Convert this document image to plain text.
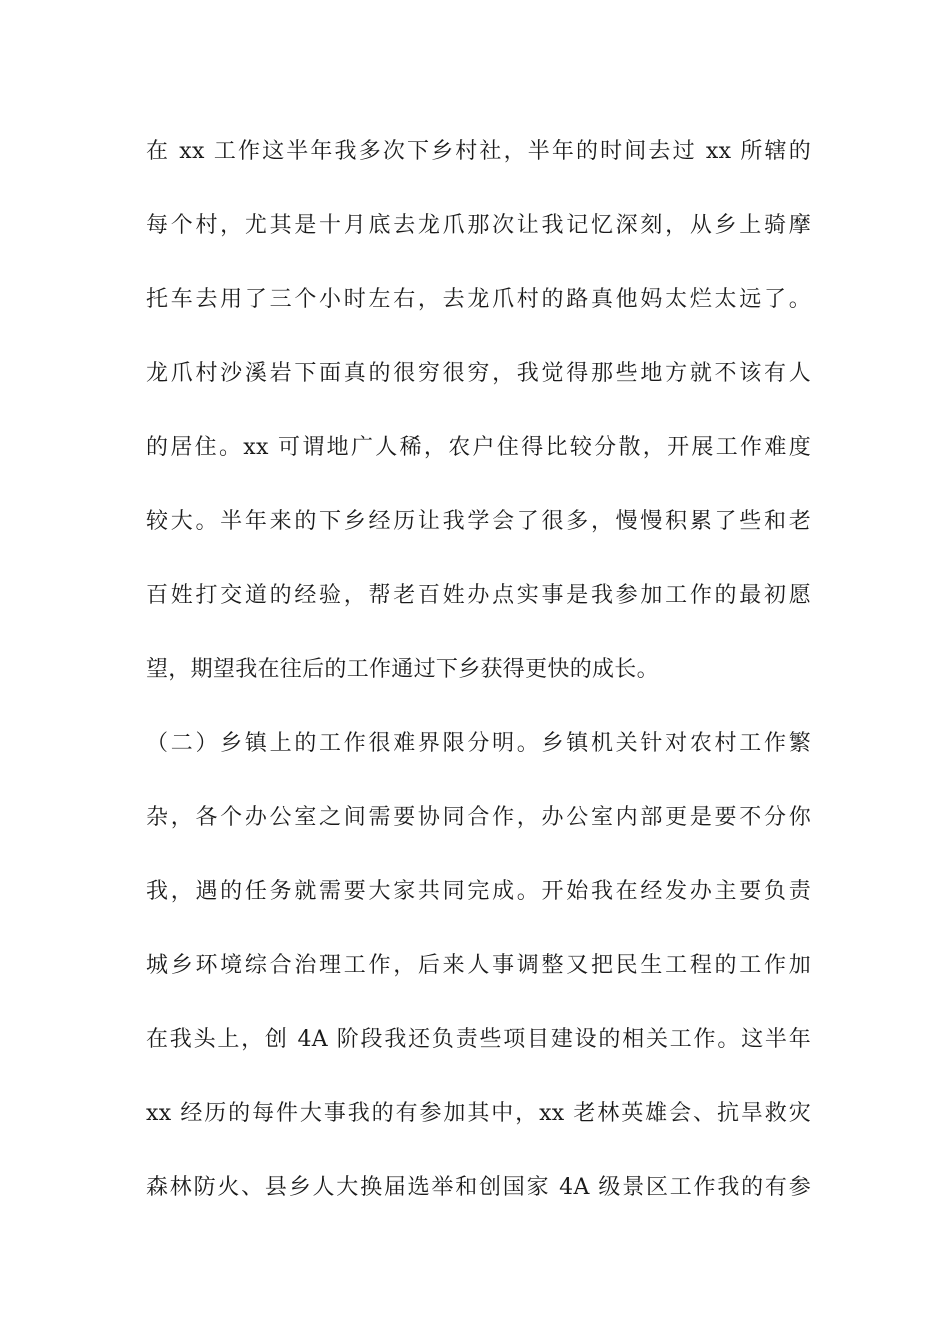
在 xx 工作这半年我多次下乡村社，半年的时间去过 xx 所辖的
每个村，尤其是十月底去龙爪那次让我记忆深刻，从乡上骑摩
托车去用了三个小时左右，去龙爪村的路真他妈太烂太远了。
龙爪村沙溪岩下面真的很穷很穷，我觉得那些地方就不该有人
的居住。xx 可谓地广人稀，农户住得比较分散，开展工作难度
较大。半年来的下乡经历让我学会了很多，慢慢积累了些和老
百姓打交道的经验，帮老百姓办点实事是我参加工作的最初愿
望，期望我在往后的工作通过下乡获得更快的成长。
（二）乡镇上的工作很难界限分明。乡镇机关针对农村工作繁
杂，各个办公室之间需要协同合作，办公室内部更是要不分你
我，遇的任务就需要大家共同完成。开始我在经发办主要负责
城乡环境综合治理工作，后来人事调整又把民生工程的工作加
在我头上，创 4A 阶段我还负责些项目建设的相关工作。这半年
xx 经历的每件大事我的有参加其中，xx 老林英雄会、抗旱救灾
森林防火、县乡人大换届选举和创国家 4A 级景区工作我的有参
